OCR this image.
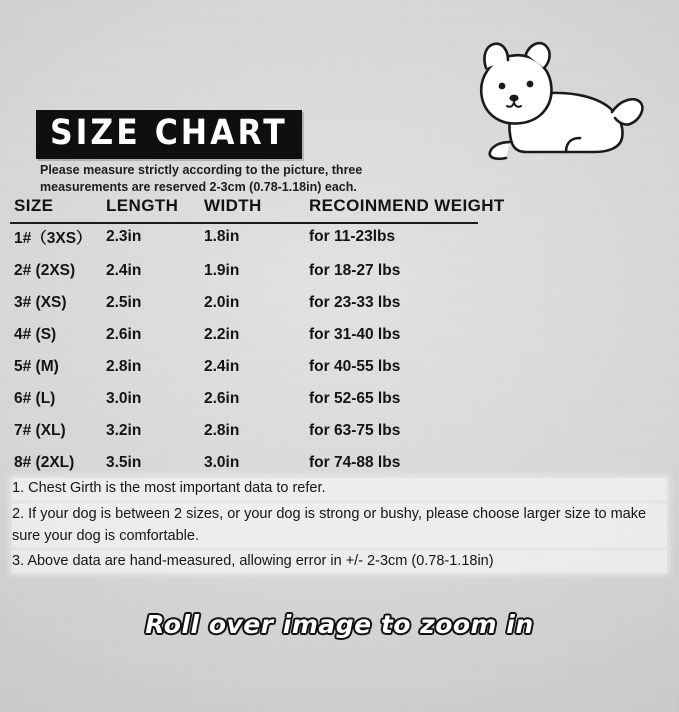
SIZE CHART
Please measure strictly according to the picture, three measurements are reserved 2-3cm (0.78-1.18in) each.
SIZE	LENGTH	WIDTH	RECOINMEND WEIGHT
1#（3XS）	2.3in	1.8in	for 11-23lbs
2# (2XS)	2.4in	1.9in	for 18-27 lbs
3# (XS)	2.5in	2.0in	for 23-33 lbs
4# (S)	2.6in	2.2in	for 31-40 lbs
5# (M)	2.8in	2.4in	for 40-55 lbs
6# (L)	3.0in	2.6in	for 52-65 lbs
7# (XL)	3.2in	2.8in	for 63-75 lbs
8# (2XL)	3.5in	3.0in	for 74-88 lbs
1. Chest Girth is the most important data to refer.
2. If your dog is between 2 sizes, or your dog is strong or bushy, please choose larger size to make sure your dog is comfortable.
3. Above data are hand-measured, allowing error in +/- 2-3cm (0.78-1.18in)
Roll over image to zoom in
